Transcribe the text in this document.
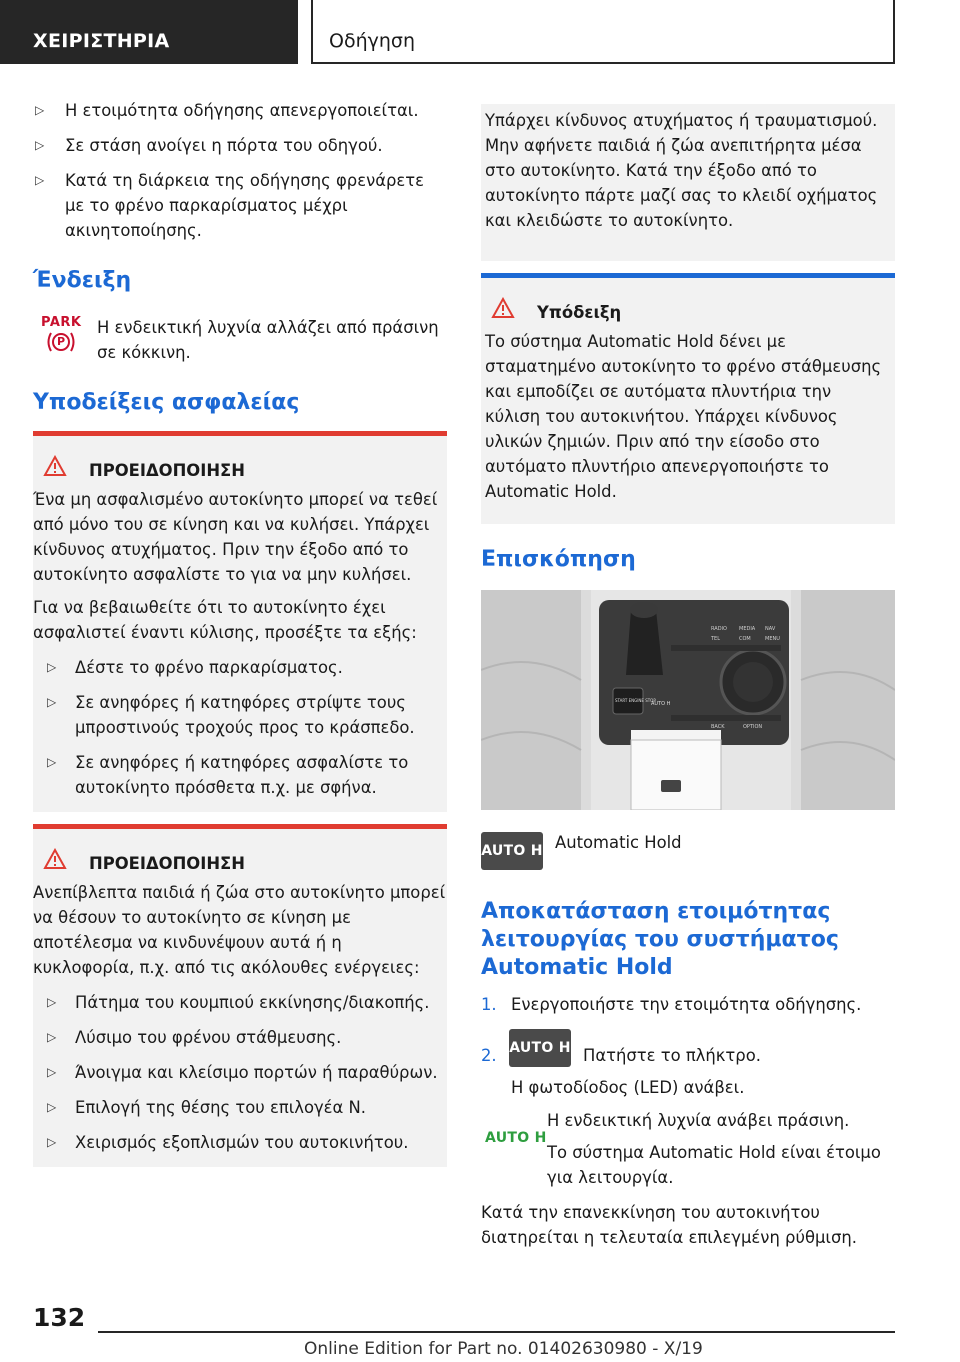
ΧΕΙΡΙΣΤΗΡΙΑ	Οδήγηση
▷ Η ετοιμότητα οδήγησης απενεργοποιείται.
▷ Σε στάση ανοίγει η πόρτα του οδηγού.
▷ Κατά τη διάρκεια της οδήγησης φρενάρετε με το φρένο παρκαρίσματος μέχρι ακινητοποίησης.
Ένδειξη
PARK
P
Η ενδεικτική λυχνία αλλάζει από πράσινη σε κόκκινη.
Υποδείξεις ασφαλείας
ΠΡΟΕΙΔΟΠΟΙΗΣΗ
Ένα μη ασφαλισμένο αυτοκίνητο μπορεί να τεθεί από μόνο του σε κίνηση και να κυλήσει. Υπάρχει κίνδυνος ατυχήματος. Πριν την έξοδο από το αυτοκίνητο ασφαλίστε το για να μην κυλήσει.
Για να βεβαιωθείτε ότι το αυτοκίνητο έχει ασφαλιστεί έναντι κύλισης, προσέξτε τα εξής:
▷ Δέστε το φρένο παρκαρίσματος.
▷ Σε ανηφόρες ή κατηφόρες στρίψτε τους μπροστινούς τροχούς προς το κράσπεδο.
▷ Σε ανηφόρες ή κατηφόρες ασφαλίστε το αυτοκίνητο πρόσθετα π.χ. με σφήνα.
ΠΡΟΕΙΔΟΠΟΙΗΣΗ
Ανεπίβλεπτα παιδιά ή ζώα στο αυτοκίνητο μπορεί να θέσουν το αυτοκίνητο σε κίνηση με αποτέλεσμα να κινδυνέψουν αυτά ή η κυκλοφορία, π.χ. από τις ακόλουθες ενέργειες:
▷ Πάτημα του κουμπιού εκκίνησης/διακοπής.
▷ Λύσιμο του φρένου στάθμευσης.
▷ Άνοιγμα και κλείσιμο πορτών ή παραθύρων.
▷ Επιλογή της θέσης του επιλογέα N.
▷ Χειρισμός εξοπλισμών του αυτοκινήτου.
Υπάρχει κίνδυνος ατυχήματος ή τραυματισμού. Μην αφήνετε παιδιά ή ζώα ανεπιτήρητα μέσα στο αυτοκίνητο. Κατά την έξοδο από το αυτοκίνητο πάρτε μαζί σας το κλειδί οχήματος και κλειδώστε το αυτοκίνητο.
Υπόδειξη
Το σύστημα Automatic Hold δένει με σταματημένο αυτοκίνητο το φρένο στάθμευσης και εμποδίζει σε αυτόματα πλυντήρια την κύλιση του αυτοκινήτου. Υπάρχει κίνδυνος υλικών ζημιών. Πριν από την είσοδο στο αυτόματο πλυντήριο απενεργοποιήστε το Automatic Hold.
Επισκόπηση
RADIO MEDIA NAV
TEL	COM	MENU
BACK	OPTION
START ENGINE STOP
AUTO H
AUTO H Automatic Hold
Αποκατάσταση ετοιμότητας λειτουργίας του συστήματος Automatic Hold
1. Ενεργοποιήστε την ετοιμότητα οδήγησης.
2. AUTO H Πατήστε το πλήκτρο.
Η φωτοδίοδος (LED) ανάβει.
AUTO H
Η ενδεικτική λυχνία ανάβει πράσινη.
Το σύστημα Automatic Hold είναι έτοιμο για λειτουργία.
Κατά την επανεκκίνηση του αυτοκινήτου διατηρείται η τελευταία επιλεγμένη ρύθμιση.
132
Online Edition for Part no. 01402630980 - X/19
